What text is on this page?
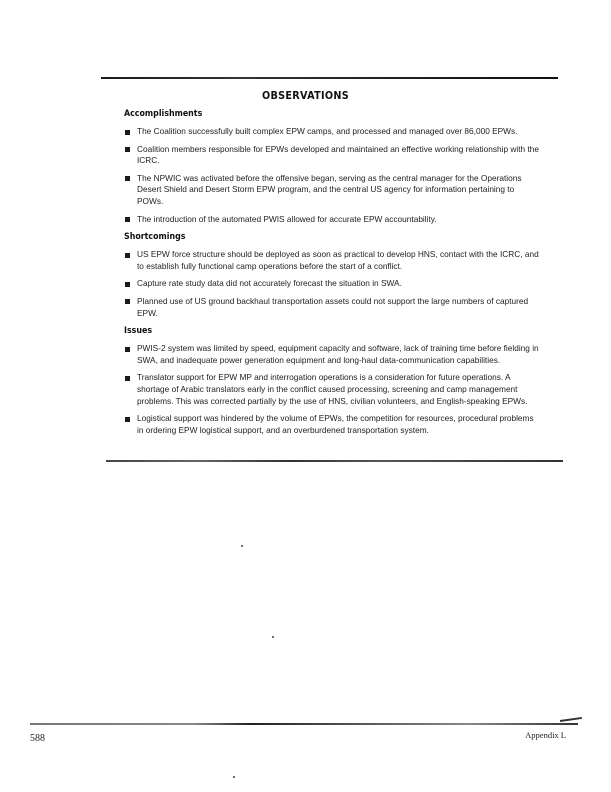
OBSERVATIONS
Accomplishments
The Coalition successfully built complex EPW camps, and processed and managed over 86,000 EPWs.
Coalition members responsible for EPWs developed and maintained an effective working relationship with the ICRC.
The NPWIC was activated before the offensive began, serving as the central manager for the Operations Desert Shield and Desert Storm EPW program, and the central US agency for information pertaining to POWs.
The introduction of the automated PWIS allowed for accurate EPW accountability.
Shortcomings
US EPW force structure should be deployed as soon as practical to develop HNS, contact with the ICRC, and to establish fully functional camp operations before the start of a conflict.
Capture rate study data did not accurately forecast the situation in SWA.
Planned use of US ground backhaul transportation assets could not support the large numbers of captured EPW.
Issues
PWIS-2 system was limited by speed, equipment capacity and software, lack of training time before fielding in SWA, and inadequate power generation equipment and long-haul data-communication capabilities.
Translator support for EPW MP and interrogation operations is a consideration for future operations. A shortage of Arabic translators early in the conflict caused processing, screening and camp management problems. This was corrected partially by the use of HNS, civilian volunteers, and English-speaking EPWs.
Logistical support was hindered by the volume of EPWs, the competition for resources, procedural problems in ordering EPW logistical support, and an overburdened transportation system.
588	Appendix L
